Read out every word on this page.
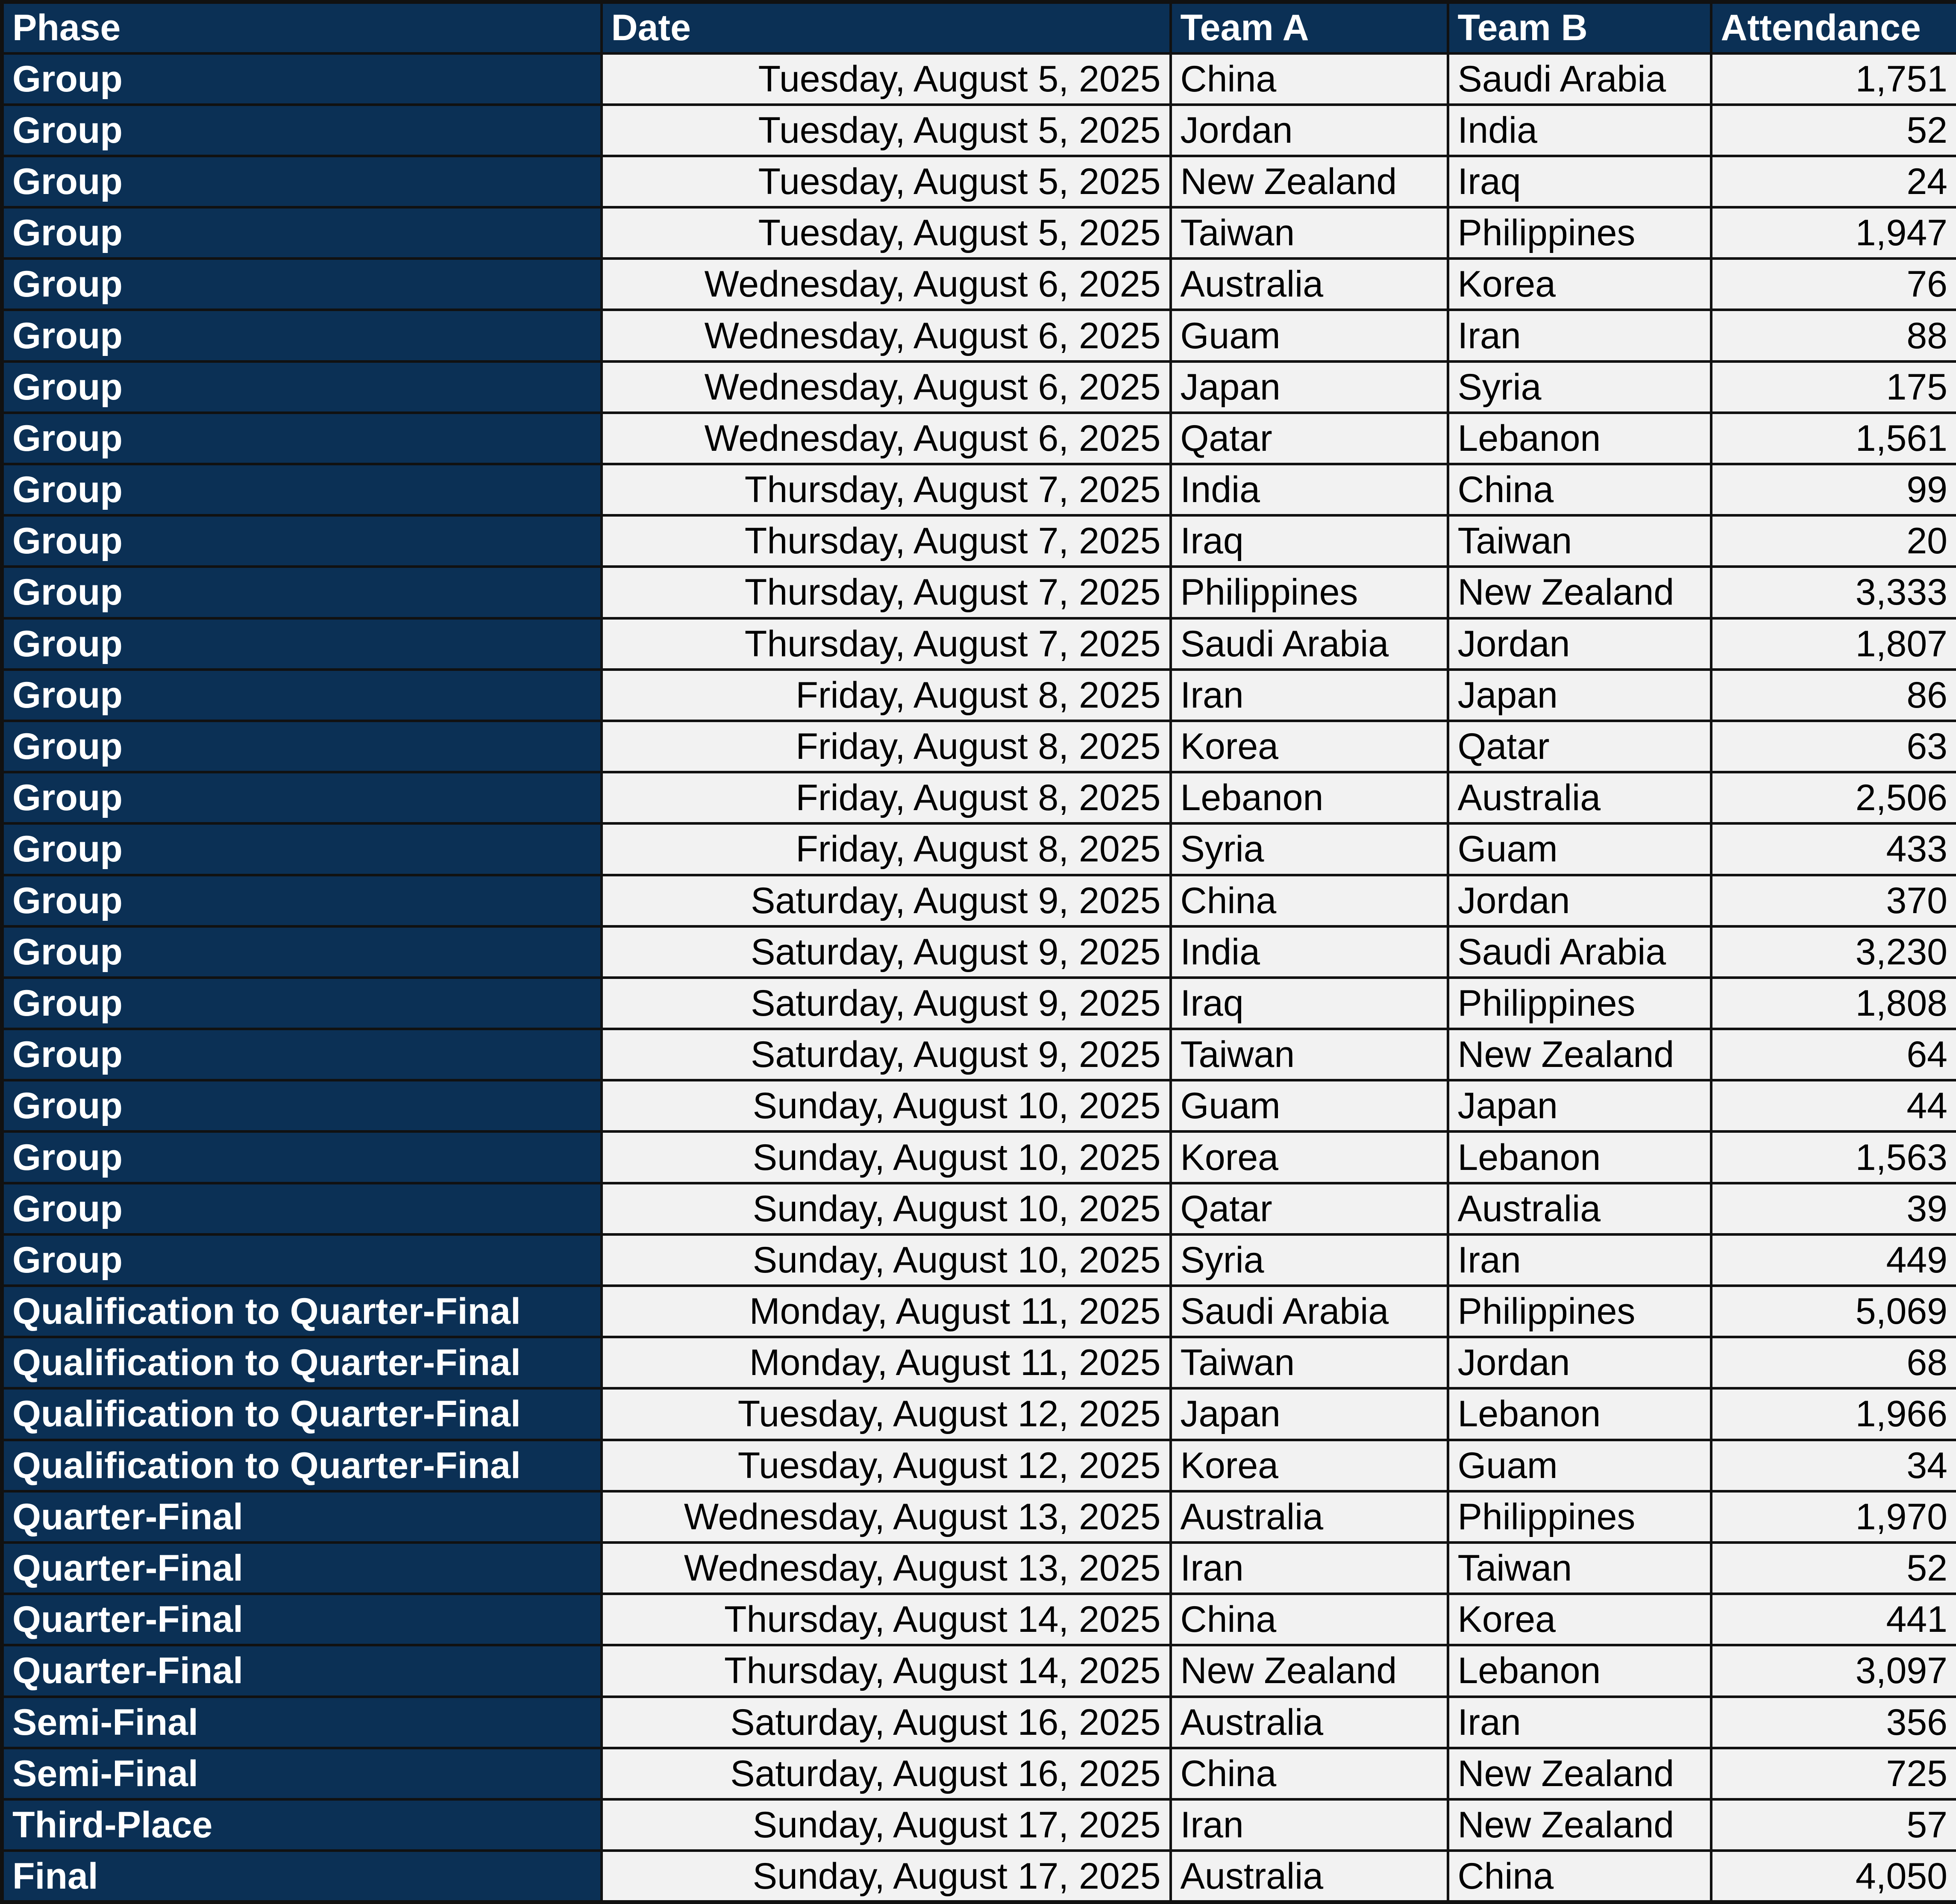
Phase	Date	Team A	Team B	Attendance
Group	Tuesday, August 5, 2025	China	Saudi Arabia	1,751
Group	Tuesday, August 5, 2025	Jordan	India	52
Group	Tuesday, August 5, 2025	New Zealand	Iraq	24
Group	Tuesday, August 5, 2025	Taiwan	Philippines	1,947
Group	Wednesday, August 6, 2025	Australia	Korea	76
Group	Wednesday, August 6, 2025	Guam	Iran	88
Group	Wednesday, August 6, 2025	Japan	Syria	175
Group	Wednesday, August 6, 2025	Qatar	Lebanon	1,561
Group	Thursday, August 7, 2025	India	China	99
Group	Thursday, August 7, 2025	Iraq	Taiwan	20
Group	Thursday, August 7, 2025	Philippines	New Zealand	3,333
Group	Thursday, August 7, 2025	Saudi Arabia	Jordan	1,807
Group	Friday, August 8, 2025	Iran	Japan	86
Group	Friday, August 8, 2025	Korea	Qatar	63
Group	Friday, August 8, 2025	Lebanon	Australia	2,506
Group	Friday, August 8, 2025	Syria	Guam	433
Group	Saturday, August 9, 2025	China	Jordan	370
Group	Saturday, August 9, 2025	India	Saudi Arabia	3,230
Group	Saturday, August 9, 2025	Iraq	Philippines	1,808
Group	Saturday, August 9, 2025	Taiwan	New Zealand	64
Group	Sunday, August 10, 2025	Guam	Japan	44
Group	Sunday, August 10, 2025	Korea	Lebanon	1,563
Group	Sunday, August 10, 2025	Qatar	Australia	39
Group	Sunday, August 10, 2025	Syria	Iran	449
Qualification to Quarter-Final	Monday, August 11, 2025	Saudi Arabia	Philippines	5,069
Qualification to Quarter-Final	Monday, August 11, 2025	Taiwan	Jordan	68
Qualification to Quarter-Final	Tuesday, August 12, 2025	Japan	Lebanon	1,966
Qualification to Quarter-Final	Tuesday, August 12, 2025	Korea	Guam	34
Quarter-Final	Wednesday, August 13, 2025	Australia	Philippines	1,970
Quarter-Final	Wednesday, August 13, 2025	Iran	Taiwan	52
Quarter-Final	Thursday, August 14, 2025	China	Korea	441
Quarter-Final	Thursday, August 14, 2025	New Zealand	Lebanon	3,097
Semi-Final	Saturday, August 16, 2025	Australia	Iran	356
Semi-Final	Saturday, August 16, 2025	China	New Zealand	725
Third-Place	Sunday, August 17, 2025	Iran	New Zealand	57
Final	Sunday, August 17, 2025	Australia	China	4,050
